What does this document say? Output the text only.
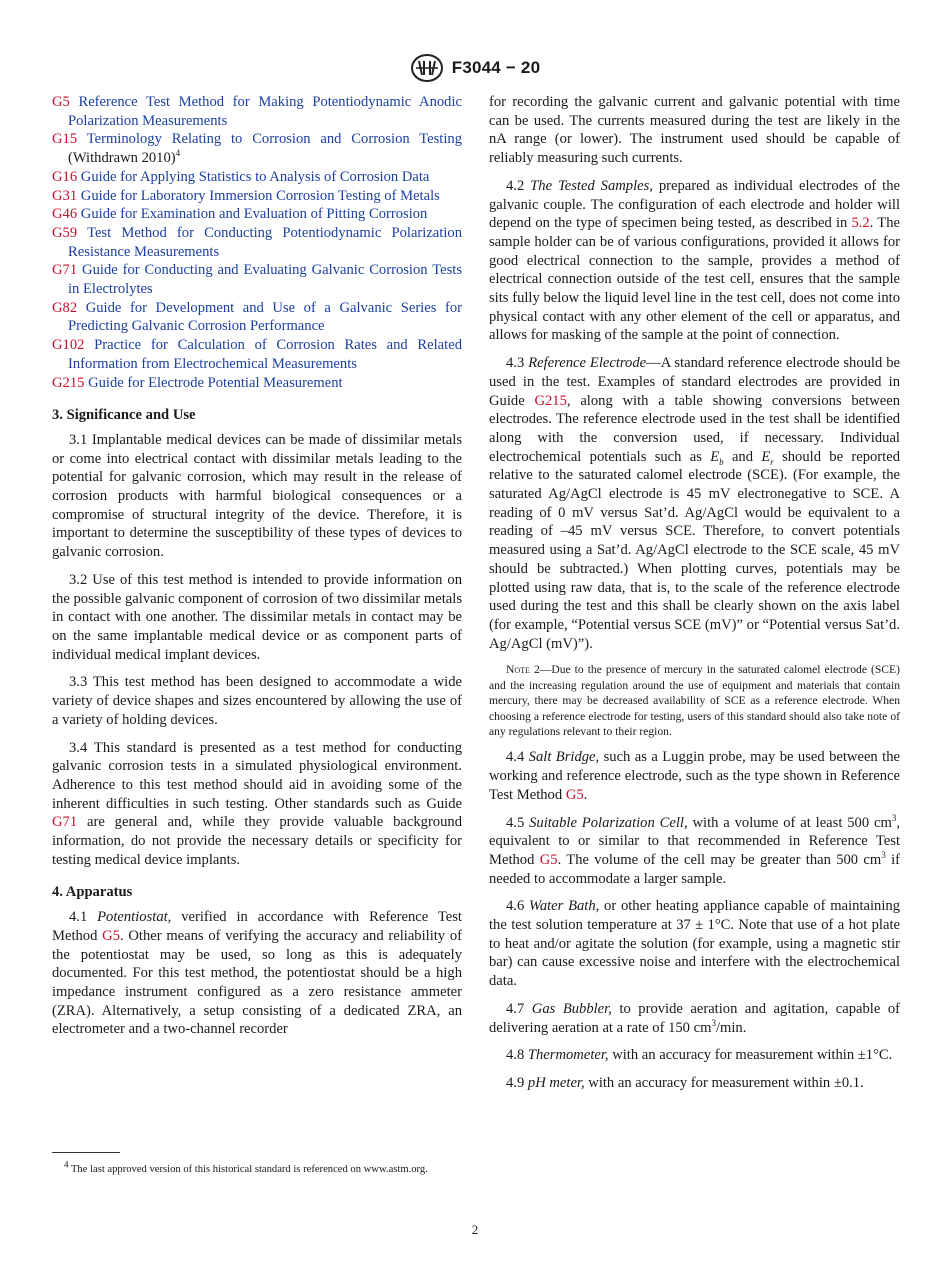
F3044 − 20

G5 Reference Test Method for Making Potentiodynamic Anodic Polarization Measurements

G15 Terminology Relating to Corrosion and Corrosion Testing (Withdrawn 2010)$^4$

G16 Guide for Applying Statistics to Analysis of Corrosion Data

G31 Guide for Laboratory Immersion Corrosion Testing of Metals

G46 Guide for Examination and Evaluation of Pitting Corrosion

G59 Test Method for Conducting Potentiodynamic Polarization Resistance Measurements

G71 Guide for Conducting and Evaluating Galvanic Corrosion Tests in Electrolytes

G82 Guide for Development and Use of a Galvanic Series for Predicting Galvanic Corrosion Performance

G102 Practice for Calculation of Corrosion Rates and Related Information from Electrochemical Measurements

G215 Guide for Electrode Potential Measurement

3. Significance and Use

3.1 Implantable medical devices can be made of dissimilar metals or come into electrical contact with dissimilar metals leading to the potential for galvanic corrosion, which may result in the release of corrosion products with harmful biological consequences or a compromise of structural integrity of the device. Therefore, it is important to determine the susceptibility of these types of devices to galvanic corrosion.

3.2 Use of this test method is intended to provide information on the possible galvanic component of corrosion of two dissimilar metals in contact with one another. The dissimilar metals in contact may be on the same implantable medical device or as component parts of individual medical implant devices.

3.3 This test method has been designed to accommodate a wide variety of device shapes and sizes encountered by allowing the use of a variety of holding devices.

3.4 This standard is presented as a test method for conducting galvanic corrosion tests in a simulated physiological environment. Adherence to this test method should aid in avoiding some of the inherent difficulties in such testing. Other standards such as Guide G71 are general and, while they provide valuable background information, do not provide the necessary details or specificity for testing medical device implants.

4. Apparatus

4.1 Potentiostat, verified in accordance with Reference Test Method G5. Other means of verifying the accuracy and reliability of the potentiostat may be used, so long as this is adequately documented. For this test method, the potentiostat should be a high impedance instrument configured as a zero resistance ammeter (ZRA). Alternatively, a setup consisting of a dedicated ZRA, an electrometer and a two-channel recorder

$^4$ The last approved version of this historical standard is referenced on www.astm.org.

for recording the galvanic current and galvanic potential with time can be used. The currents measured during the test are likely in the nA range (or lower). The instrument used should be capable of reliably measuring such currents.

4.2 The Tested Samples, prepared as individual electrodes of the galvanic couple. The configuration of each electrode and holder will depend on the type of specimen being tested, as described in 5.2. The sample holder can be of various configurations, provided it allows for good electrical connection to the sample, provides a method of electrical connection outside of the test cell, ensures that the sample sits fully below the liquid level line in the test cell, does not come into physical contact with any other element of the cell or apparatus, and allows for masking of the sample at the point of connection.

4.3 Reference Electrode—A standard reference electrode should be used in the test. Examples of standard electrodes are provided in Guide G215, along with a table showing conversions between electrodes. The reference electrode used in the test shall be identified along with the conversion used, if necessary. Individual electrochemical potentials such as $E_b$ and $E_r$ should be reported relative to the saturated calomel electrode (SCE). (For example, the saturated Ag/AgCl electrode is 45 mV electronegative to SCE. A reading of 0 mV versus Sat’d. Ag/AgCl would be equivalent to a reading of –45 mV versus SCE. Therefore, to convert potentials measured using a Sat’d. Ag/AgCl electrode to the SCE scale, 45 mV should be subtracted.) When plotting curves, potentials may be plotted using raw data, that is, to the scale of the reference electrode used during the test and this shall be clearly shown on the axis label (for example, “Potential versus SCE (mV)” or “Potential versus Sat’d. Ag/AgCl (mV)”).

Note 2—Due to the presence of mercury in the saturated calomel electrode (SCE) and the increasing regulation around the use of equipment and materials that contain mercury, there may be decreased availability of SCE as a reference electrode. When choosing a reference electrode for testing, users of this standard should also take note of any regulations relevant to their region.

4.4 Salt Bridge, such as a Luggin probe, may be used between the working and reference electrode, such as the type shown in Reference Test Method G5.

4.5 Suitable Polarization Cell, with a volume of at least 500 $cm^3$, equivalent to or similar to that recommended in Reference Test Method G5. The volume of the cell may be greater than 500 $cm^3$ if needed to accommodate a larger sample.

4.6 Water Bath, or other heating appliance capable of maintaining the test solution temperature at 37 ± 1°C. Note that use of a hot plate to heat and/or agitate the solution (for example, using a magnetic stir bar) can cause excessive noise and interfere with the electrochemical data.

4.7 Gas Bubbler, to provide aeration and agitation, capable of delivering aeration at a rate of 150 $cm^3/\min$.

4.8 Thermometer, with an accuracy for measurement within ±1°C.

4.9 pH meter, with an accuracy for measurement within ±0.1.

2
